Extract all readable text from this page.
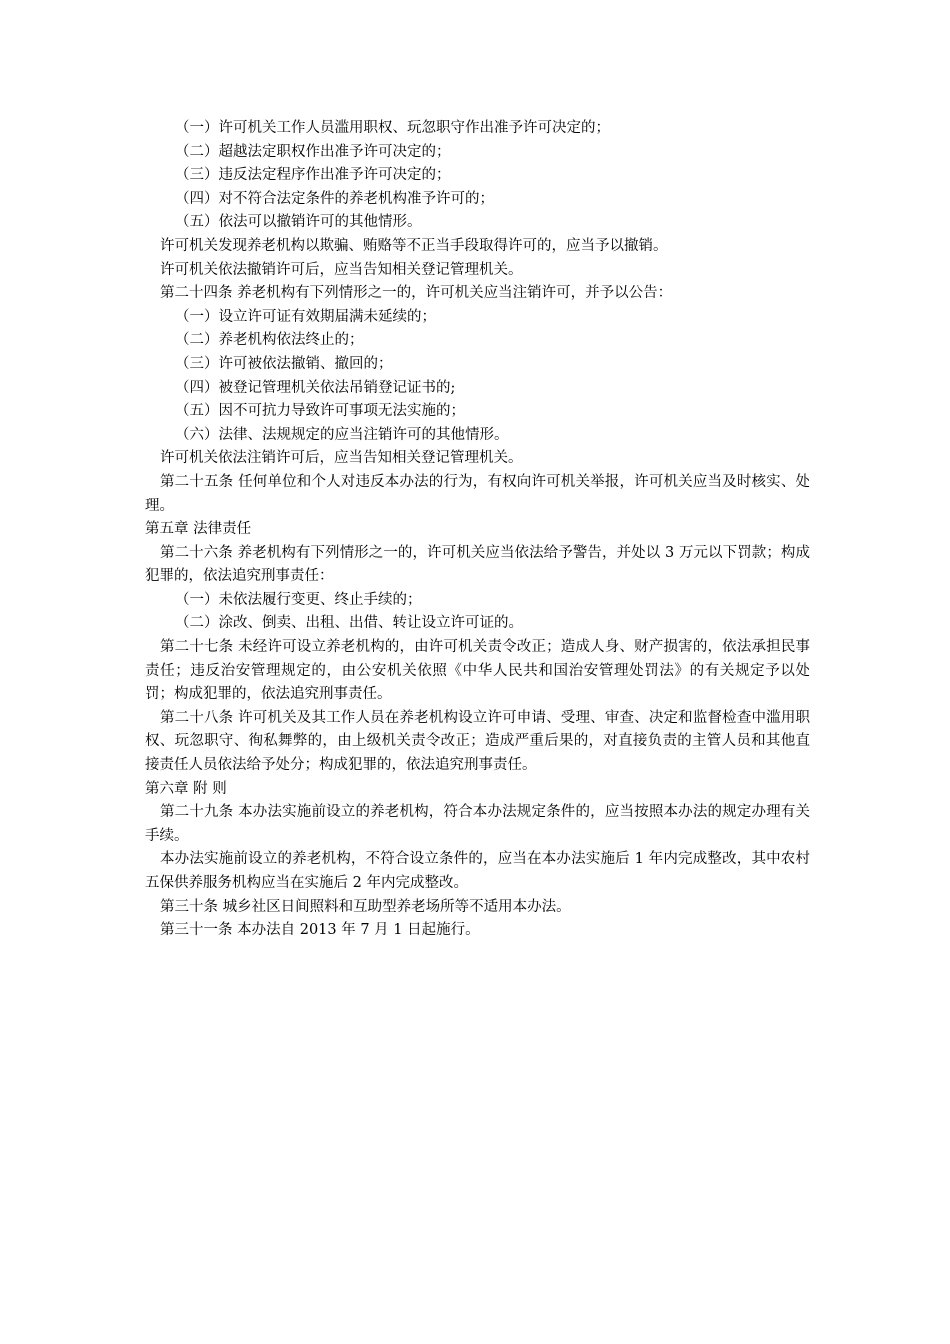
（一）许可机关工作人员滥用职权、玩忽职守作出准予许可决定的；

（二）超越法定职权作出准予许可决定的；

（三）违反法定程序作出准予许可决定的；

（四）对不符合法定条件的养老机构准予许可的；

（五）依法可以撤销许可的其他情形。

许可机关发现养老机构以欺骗、贿赂等不正当手段取得许可的，应当予以撤销。

许可机关依法撤销许可后，应当告知相关登记管理机关。

第二十四条 养老机构有下列情形之一的，许可机关应当注销许可，并予以公告：

（一）设立许可证有效期届满未延续的；

（二）养老机构依法终止的；

（三）许可被依法撤销、撤回的；

（四）被登记管理机关依法吊销登记证书的;

（五）因不可抗力导致许可事项无法实施的；

（六）法律、法规规定的应当注销许可的其他情形。

许可机关依法注销许可后，应当告知相关登记管理机关。

第二十五条 任何单位和个人对违反本办法的行为，有权向许可机关举报，许可机关应当及时核实、处理。

第五章 法律责任

第二十六条 养老机构有下列情形之一的，许可机关应当依法给予警告，并处以 3 万元以下罚款；构成犯罪的，依法追究刑事责任：

（一）未依法履行变更、终止手续的；

（二）涂改、倒卖、出租、出借、转让设立许可证的。

第二十七条 未经许可设立养老机构的，由许可机关责令改正；造成人身、财产损害的，依法承担民事责任；违反治安管理规定的，由公安机关依照《中华人民共和国治安管理处罚法》的有关规定予以处罚；构成犯罪的，依法追究刑事责任。

第二十八条 许可机关及其工作人员在养老机构设立许可申请、受理、审查、决定和监督检查中滥用职权、玩忽职守、徇私舞弊的，由上级机关责令改正；造成严重后果的，对直接负责的主管人员和其他直接责任人员依法给予处分；构成犯罪的，依法追究刑事责任。

第六章 附 则

第二十九条 本办法实施前设立的养老机构，符合本办法规定条件的，应当按照本办法的规定办理有关手续。

本办法实施前设立的养老机构，不符合设立条件的，应当在本办法实施后 1 年内完成整改，其中农村五保供养服务机构应当在实施后 2 年内完成整改。

第三十条 城乡社区日间照料和互助型养老场所等不适用本办法。

第三十一条 本办法自 2013 年 7 月 1 日起施行。
